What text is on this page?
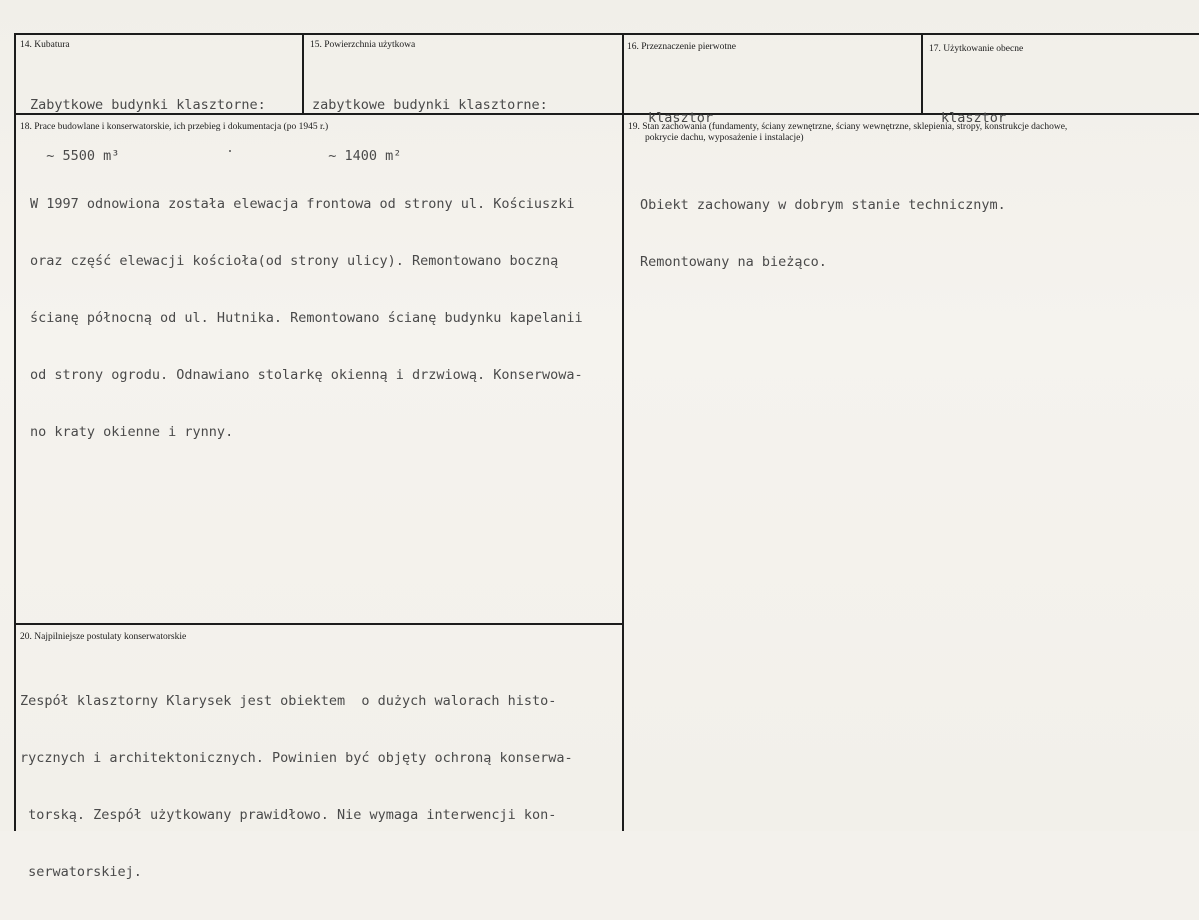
14. Kubatura

Zabytkowe budynki klasztorne:

~ 5500 m³

15. Powierzchnia użytkowa

zabytkowe budynki klasztorne:

~ 1400 m²

16. Przeznaczenie pierwotne

klasztor

17. Użytkowanie obecne

klasztor

18. Prace budowlane i konserwatorskie, ich przebieg i dokumentacja (po 1945 r.)

W 1997 odnowiona została elewacja frontowa od strony ul. Kościuszki

oraz część elewacji kościoła(od strony ulicy). Remontowano boczną

ścianę północną od ul. Hutnika. Remontowano ścianę budynku kapelanii

od strony ogrodu. Odnawiano stolarkę okienną i drzwiową. Konserwowa-

no kraty okienne i rynny.

19. Stan zachowania (fundamenty, ściany zewnętrzne, ściany wewnętrzne, sklepienia, stropy, konstrukcje dachowe,
pokrycie dachu, wyposażenie i instalacje)

Obiekt zachowany w dobrym stanie technicznym.

Remontowany na bieżąco.

20. Najpilniejsze postulaty konserwatorskie

Zespół klasztorny Klarysek jest obiektem  o dużych walorach histo-

rycznych i architektonicznych. Powinien być objęty ochroną konserwa-

torską. Zespół użytkowany prawidłowo. Nie wymaga interwencji kon-

serwatorskiej.
